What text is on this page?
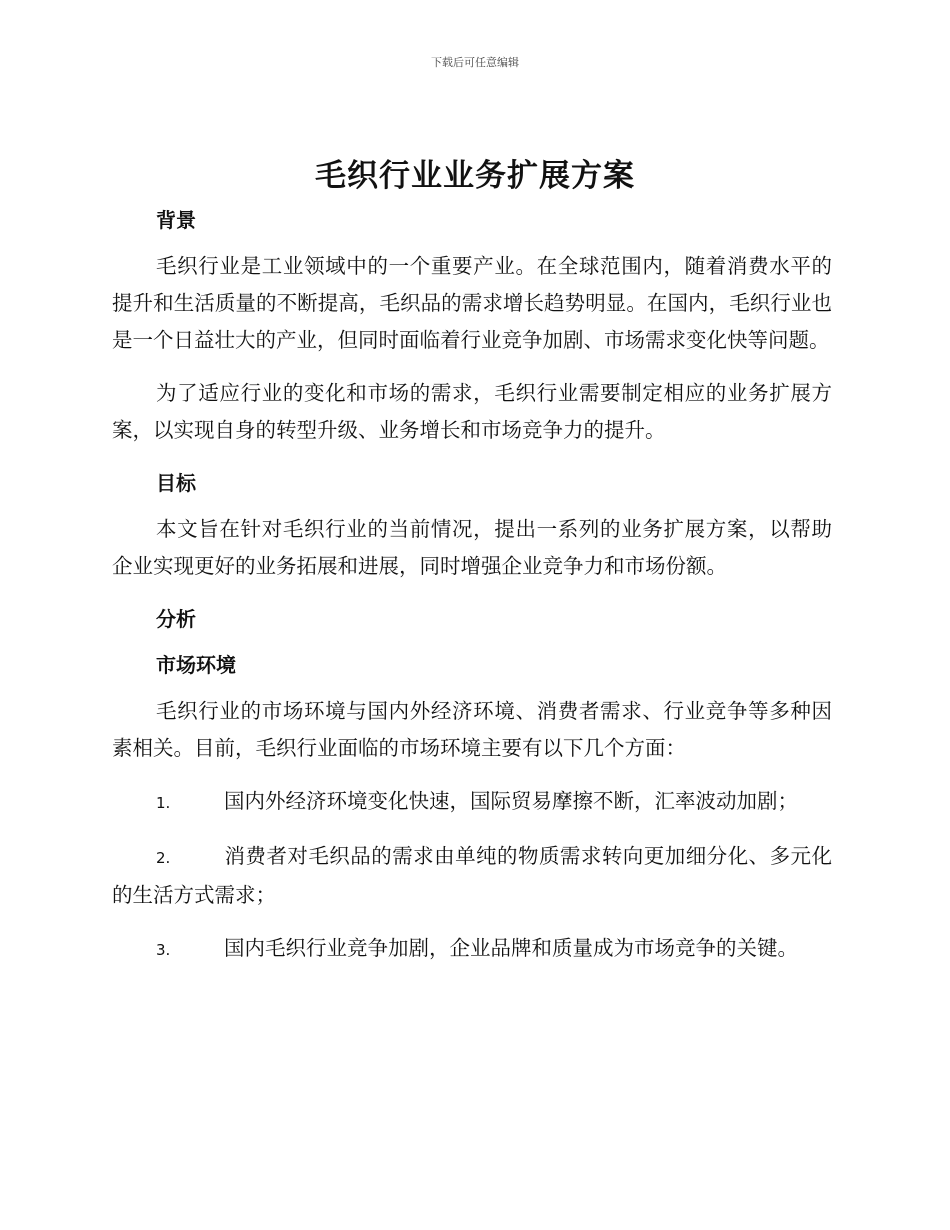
下载后可任意编辑
毛织行业业务扩展方案
背景

毛织行业是工业领域中的一个重要产业。在全球范围内，随着消费水平的提升和生活质量的不断提高，毛织品的需求增长趋势明显。在国内，毛织行业也是一个日益壮大的产业，但同时面临着行业竞争加剧、市场需求变化快等问题。

为了适应行业的变化和市场的需求，毛织行业需要制定相应的业务扩展方案，以实现自身的转型升级、业务增长和市场竞争力的提升。

目标

本文旨在针对毛织行业的当前情况，提出一系列的业务扩展方案，以帮助企业实现更好的业务拓展和进展，同时增强企业竞争力和市场份额。

分析
市场环境

毛织行业的市场环境与国内外经济环境、消费者需求、行业竞争等多种因素相关。目前，毛织行业面临的市场环境主要有以下几个方面：

1.	国内外经济环境变化快速，国际贸易摩擦不断，汇率波动加剧；
2.	消费者对毛织品的需求由单纯的物质需求转向更加细分化、多元化的生活方式需求；
3.	国内毛织行业竞争加剧，企业品牌和质量成为市场竞争的关键。
